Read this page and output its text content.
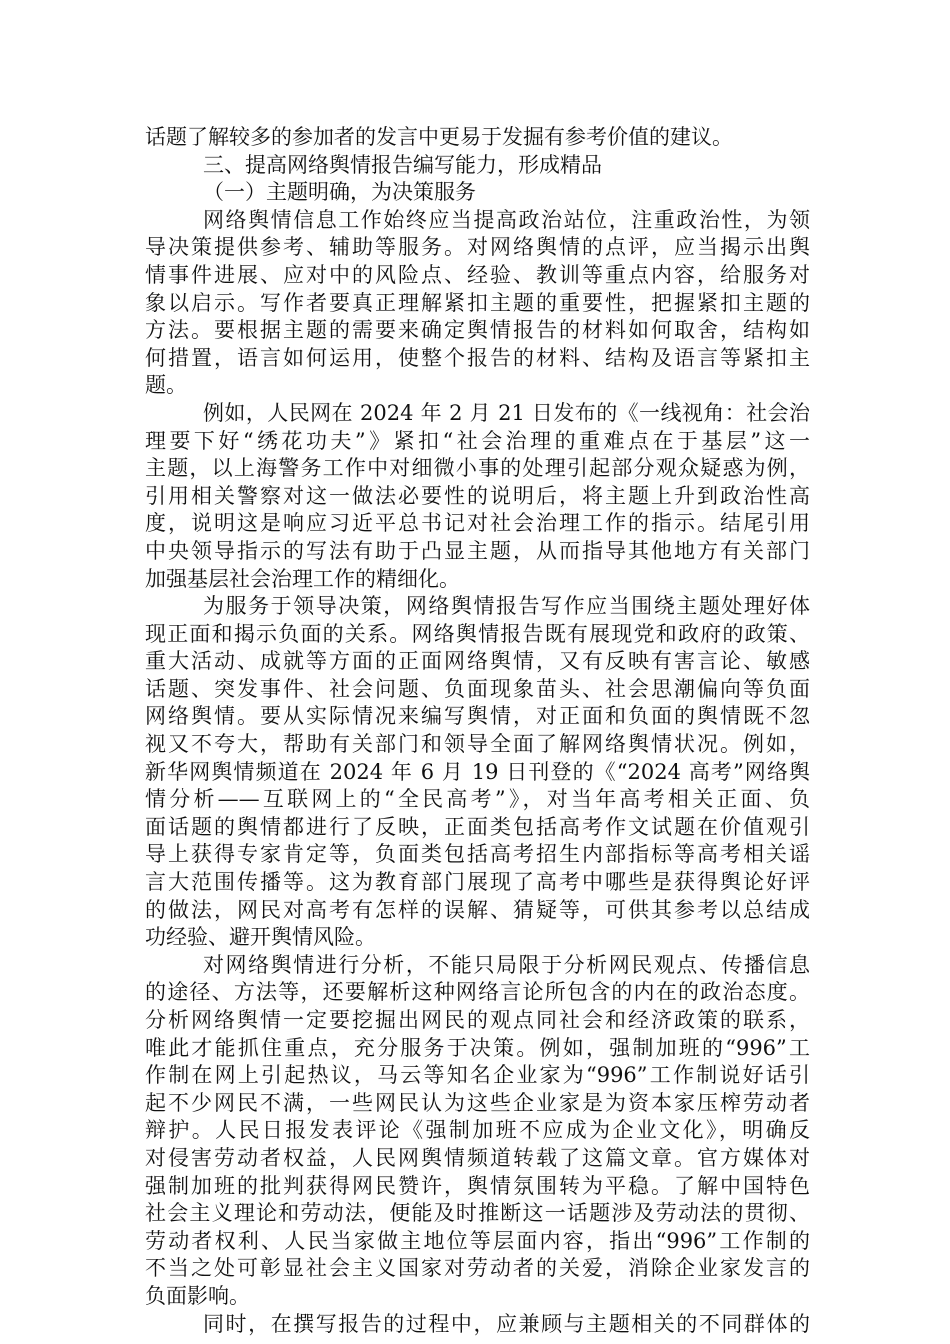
话题了解较多的参加者的发言中更易于发掘有参考价值的建议。
三、提高网络舆情报告编写能力，形成精品
（一）主题明确，为决策服务
网络舆情信息工作始终应当提高政治站位，注重政治性，为领
导决策提供参考、辅助等服务。对网络舆情的点评，应当揭示出舆
情事件进展、应对中的风险点、经验、教训等重点内容，给服务对
象以启示。写作者要真正理解紧扣主题的重要性，把握紧扣主题的
方法。要根据主题的需要来确定舆情报告的材料如何取舍，结构如
何措置，语言如何运用，使整个报告的材料、结构及语言等紧扣主
题。
例如，人民网在 2024 年 2 月 21 日发布的《一线视角：社会治
理要下好“绣花功夫”》紧扣“社会治理的重难点在于基层”这一
主题，以上海警务工作中对细微小事的处理引起部分观众疑惑为例，
引用相关警察对这一做法必要性的说明后，将主题上升到政治性高
度，说明这是响应习近平总书记对社会治理工作的指示。结尾引用
中央领导指示的写法有助于凸显主题，从而指导其他地方有关部门
加强基层社会治理工作的精细化。
为服务于领导决策，网络舆情报告写作应当围绕主题处理好体
现正面和揭示负面的关系。网络舆情报告既有展现党和政府的政策、
重大活动、成就等方面的正面网络舆情，又有反映有害言论、敏感
话题、突发事件、社会问题、负面现象苗头、社会思潮偏向等负面
网络舆情。要从实际情况来编写舆情，对正面和负面的舆情既不忽
视又不夸大，帮助有关部门和领导全面了解网络舆情状况。例如，
新华网舆情频道在 2024 年 6 月 19 日刊登的《“2024 高考”网络舆
情分析——互联网上的“全民高考”》，对当年高考相关正面、负
面话题的舆情都进行了反映，正面类包括高考作文试题在价值观引
导上获得专家肯定等，负面类包括高考招生内部指标等高考相关谣
言大范围传播等。这为教育部门展现了高考中哪些是获得舆论好评
的做法，网民对高考有怎样的误解、猜疑等，可供其参考以总结成
功经验、避开舆情风险。
对网络舆情进行分析，不能只局限于分析网民观点、传播信息
的途径、方法等，还要解析这种网络言论所包含的内在的政治态度。
分析网络舆情一定要挖掘出网民的观点同社会和经济政策的联系，
唯此才能抓住重点，充分服务于决策。例如，强制加班的“996”工
作制在网上引起热议，马云等知名企业家为“996”工作制说好话引
起不少网民不满，一些网民认为这些企业家是为资本家压榨劳动者
辩护。人民日报发表评论《强制加班不应成为企业文化》，明确反
对侵害劳动者权益，人民网舆情频道转载了这篇文章。官方媒体对
强制加班的批判获得网民赞许，舆情氛围转为平稳。了解中国特色
社会主义理论和劳动法，便能及时推断这一话题涉及劳动法的贯彻、
劳动者权利、人民当家做主地位等层面内容，指出“996”工作制的
不当之处可彰显社会主义国家对劳动者的关爱，消除企业家发言的
负面影响。
同时，在撰写报告的过程中，应兼顾与主题相关的不同群体的
